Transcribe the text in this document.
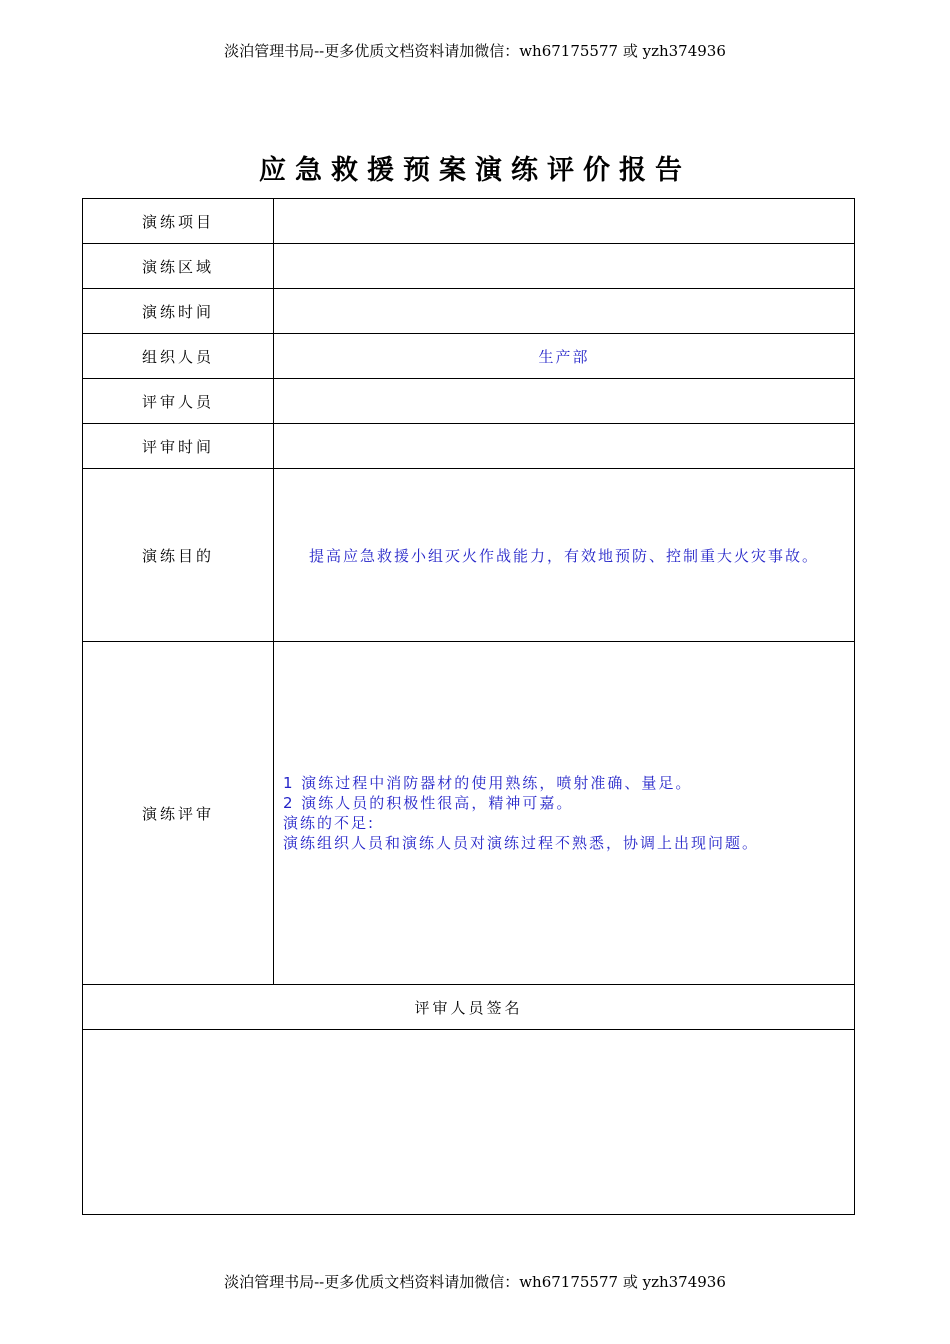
淡泊管理书局--更多优质文档资料请加微信：wh67175577 或 yzh374936
应急救援预案演练评价报告
演练项目	
演练区域	
演练时间	
组织人员	生产部
评审人员	
评审时间	
演练目的	提高应急救援小组灭火作战能力，有效地预防、控制重大火灾事故。
演练评审	1 演练过程中消防器材的使用熟练，喷射准确、量足。
2 演练人员的积极性很高，精神可嘉。
演练的不足:
演练组织人员和演练人员对演练过程不熟悉，协调上出现问题。

评审人员签名	

淡泊管理书局--更多优质文档资料请加微信：wh67175577 或 yzh374936
